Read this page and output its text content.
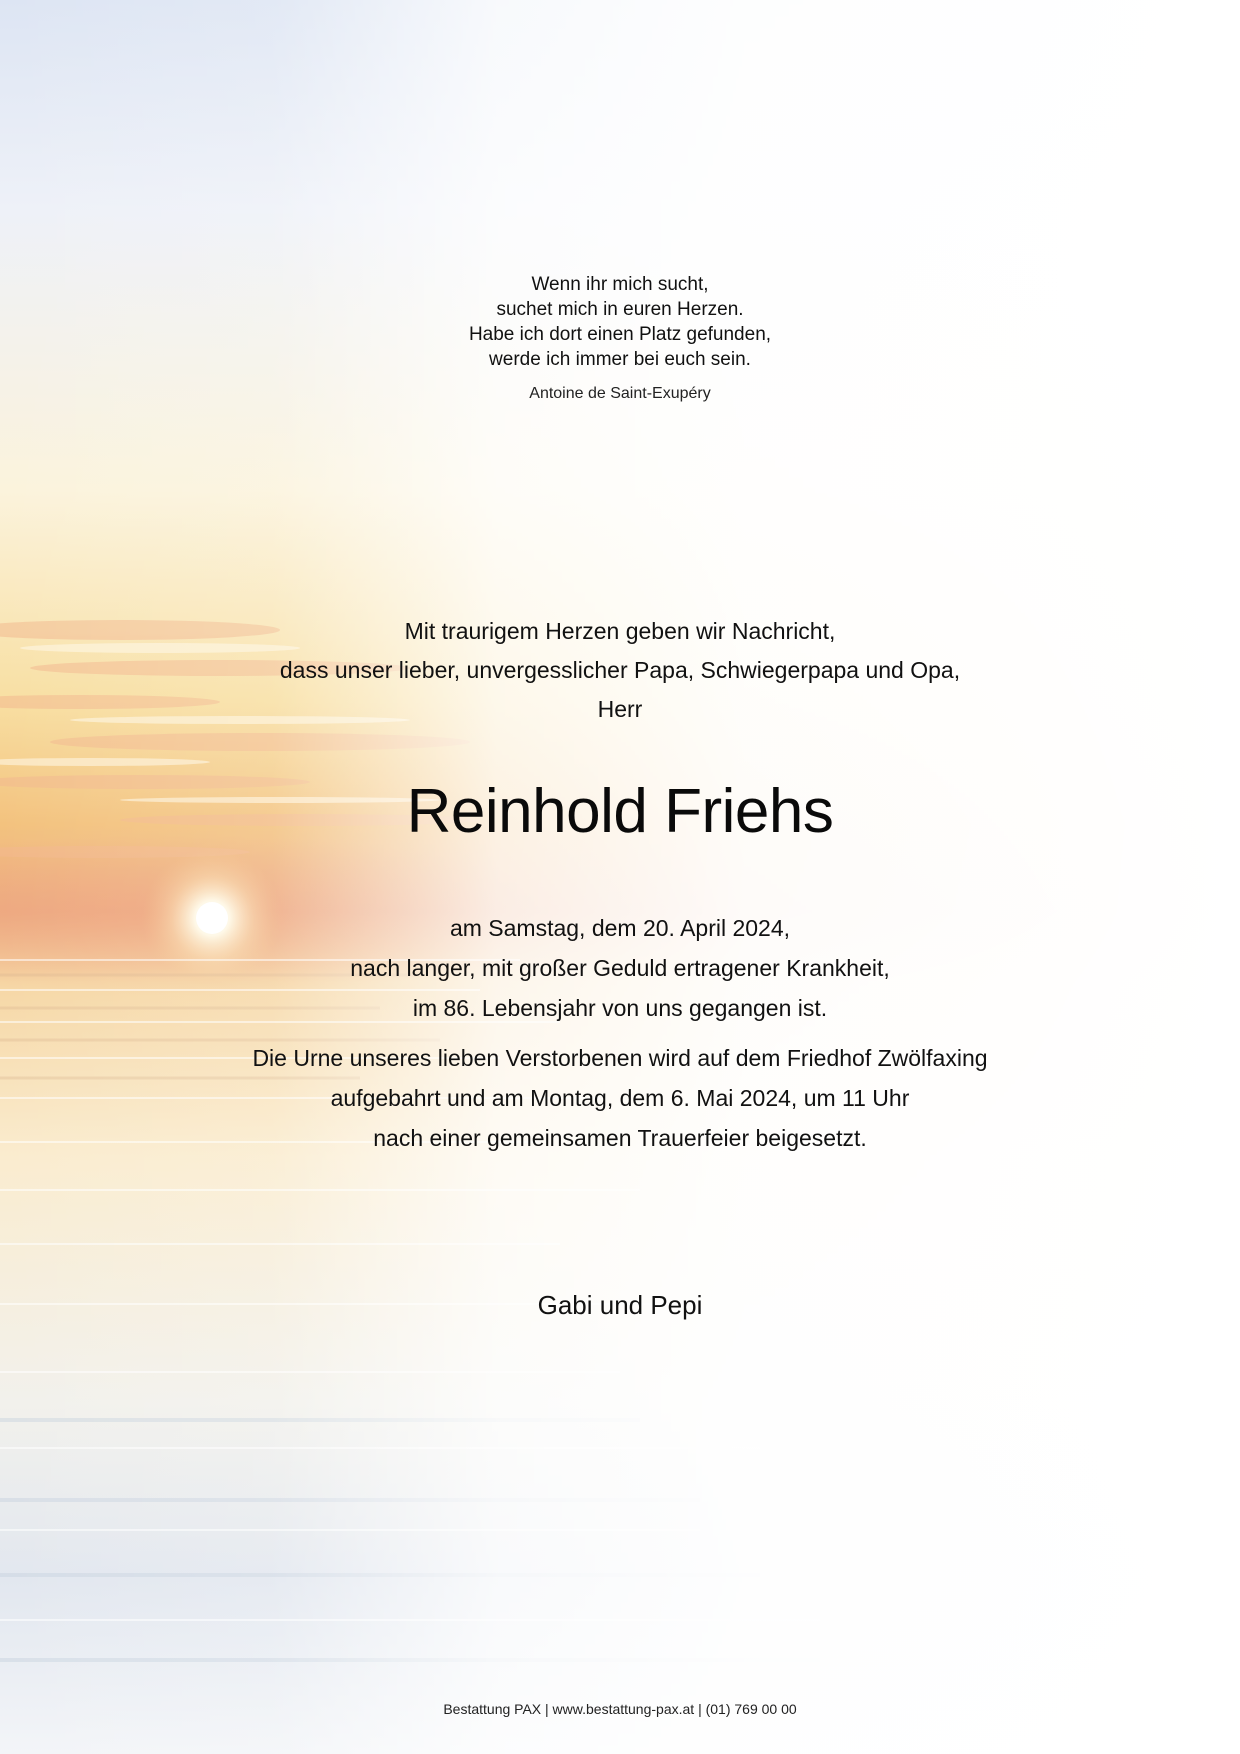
Wenn ihr mich sucht,
suchet mich in euren Herzen.
Habe ich dort einen Platz gefunden,
werde ich immer bei euch sein.
Antoine de Saint-Exupéry
Mit traurigem Herzen geben wir Nachricht,
dass unser lieber, unvergesslicher Papa, Schwiegerpapa und Opa,
Herr
Reinhold Friehs
am Samstag, dem 20. April 2024,
nach langer, mit großer Geduld ertragener Krankheit,
im 86. Lebensjahr von uns gegangen ist.
Die Urne unseres lieben Verstorbenen wird auf dem Friedhof Zwölfaxing
aufgebahrt und am Montag, dem 6. Mai 2024, um 11 Uhr
nach einer gemeinsamen Trauerfeier beigesetzt.
Gabi und Pepi
Bestattung PAX | www.bestattung-pax.at | (01) 769 00 00
